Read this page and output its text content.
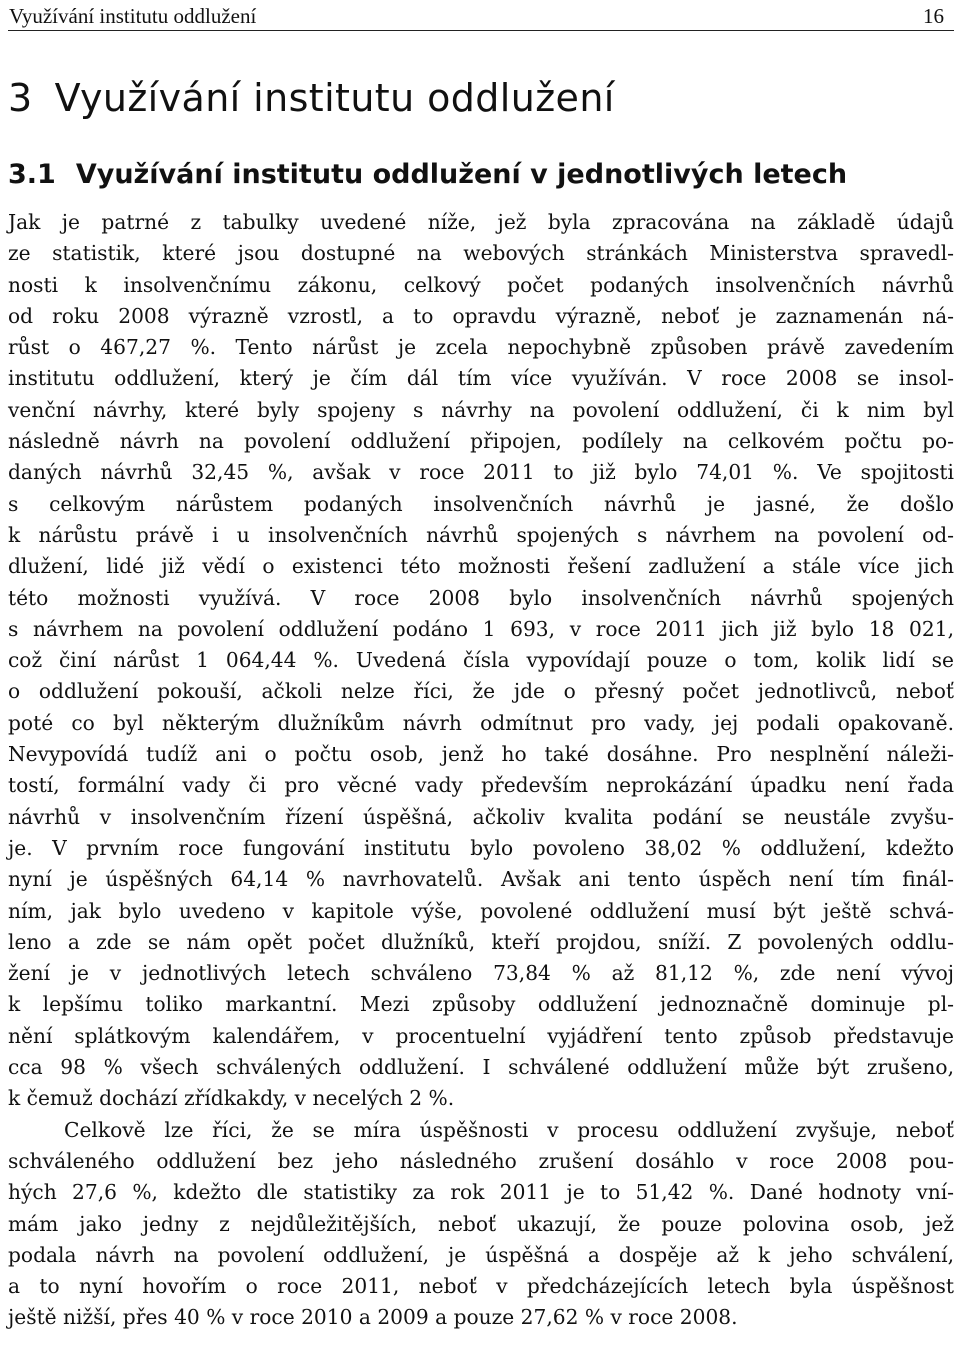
Využívání institutu oddlužení	16
3 Využívání institutu oddlužení
3.1 Využívání institutu oddlužení v jednotlivých letech
Jak je patrné z tabulky uvedené níže, jež byla zpracována na základě údajů
ze statistik, které jsou dostupné na webových stránkách Ministerstva spravedl-
nosti k insolvenčnímu zákonu, celkový počet podaných insolvenčních návrhů
od roku 2008 výrazně vzrostl, a to opravdu výrazně, neboť je zaznamenán ná-
růst o 467,27 %. Tento nárůst je zcela nepochybně způsoben právě zavedením
institutu oddlužení, který je čím dál tím více využíván. V roce 2008 se insol-
venční návrhy, které byly spojeny s návrhy na povolení oddlužení, či k nim byl
následně návrh na povolení oddlužení připojen, podílely na celkovém počtu po-
daných návrhů 32,45 %, avšak v roce 2011 to již bylo 74,01 %. Ve spojitosti
s celkovým nárůstem podaných insolvenčních návrhů je jasné, že došlo
k nárůstu právě i u insolvenčních návrhů spojených s návrhem na povolení od-
dlužení, lidé již vědí o existenci této možnosti řešení zadlužení a stále více jich
této možnosti využívá. V roce 2008 bylo insolvenčních návrhů spojených
s návrhem na povolení oddlužení podáno 1 693, v roce 2011 jich již bylo 18 021,
což činí nárůst 1 064,44 %. Uvedená čísla vypovídají pouze o tom, kolik lidí se
o oddlužení pokouší, ačkoli nelze říci, že jde o přesný počet jednotlivců, neboť
poté co byl některým dlužníkům návrh odmítnut pro vady, jej podali opakovaně.
Nevypovídá tudíž ani o počtu osob, jenž ho také dosáhne. Pro nesplnění náleži-
tostí, formální vady či pro věcné vady především neprokázání úpadku není řada
návrhů v insolvenčním řízení úspěšná, ačkoliv kvalita podání se neustále zvyšu-
je. V prvním roce fungování institutu bylo povoleno 38,02 % oddlužení, kdežto
nyní je úspěšných 64,14 % navrhovatelů. Avšak ani tento úspěch není tím finál-
ním, jak bylo uvedeno v kapitole výše, povolené oddlužení musí být ještě schvá-
leno a zde se nám opět počet dlužníků, kteří projdou, sníží. Z povolených oddlu-
žení je v jednotlivých letech schváleno 73,84 % až 81,12 %, zde není vývoj
k lepšímu toliko markantní. Mezi způsoby oddlužení jednoznačně dominuje pl-
nění splátkovým kalendářem, v procentuelní vyjádření tento způsob představuje
cca 98 % všech schválených oddlužení. I schválené oddlužení může být zrušeno,
k čemuž dochází zřídkakdy, v necelých 2 %.
Celkově lze říci, že se míra úspěšnosti v procesu oddlužení zvyšuje, neboť
schváleného oddlužení bez jeho následného zrušení dosáhlo v roce 2008 pou-
hých 27,6 %, kdežto dle statistiky za rok 2011 je to 51,42 %. Dané hodnoty vní-
mám jako jedny z nejdůležitějších, neboť ukazují, že pouze polovina osob, jež
podala návrh na povolení oddlužení, je úspěšná a dospěje až k jeho schválení,
a to nyní hovořím o roce 2011, neboť v předcházejících letech byla úspěšnost
ještě nižší, přes 40 % v roce 2010 a 2009 a pouze 27,62 % v roce 2008.
